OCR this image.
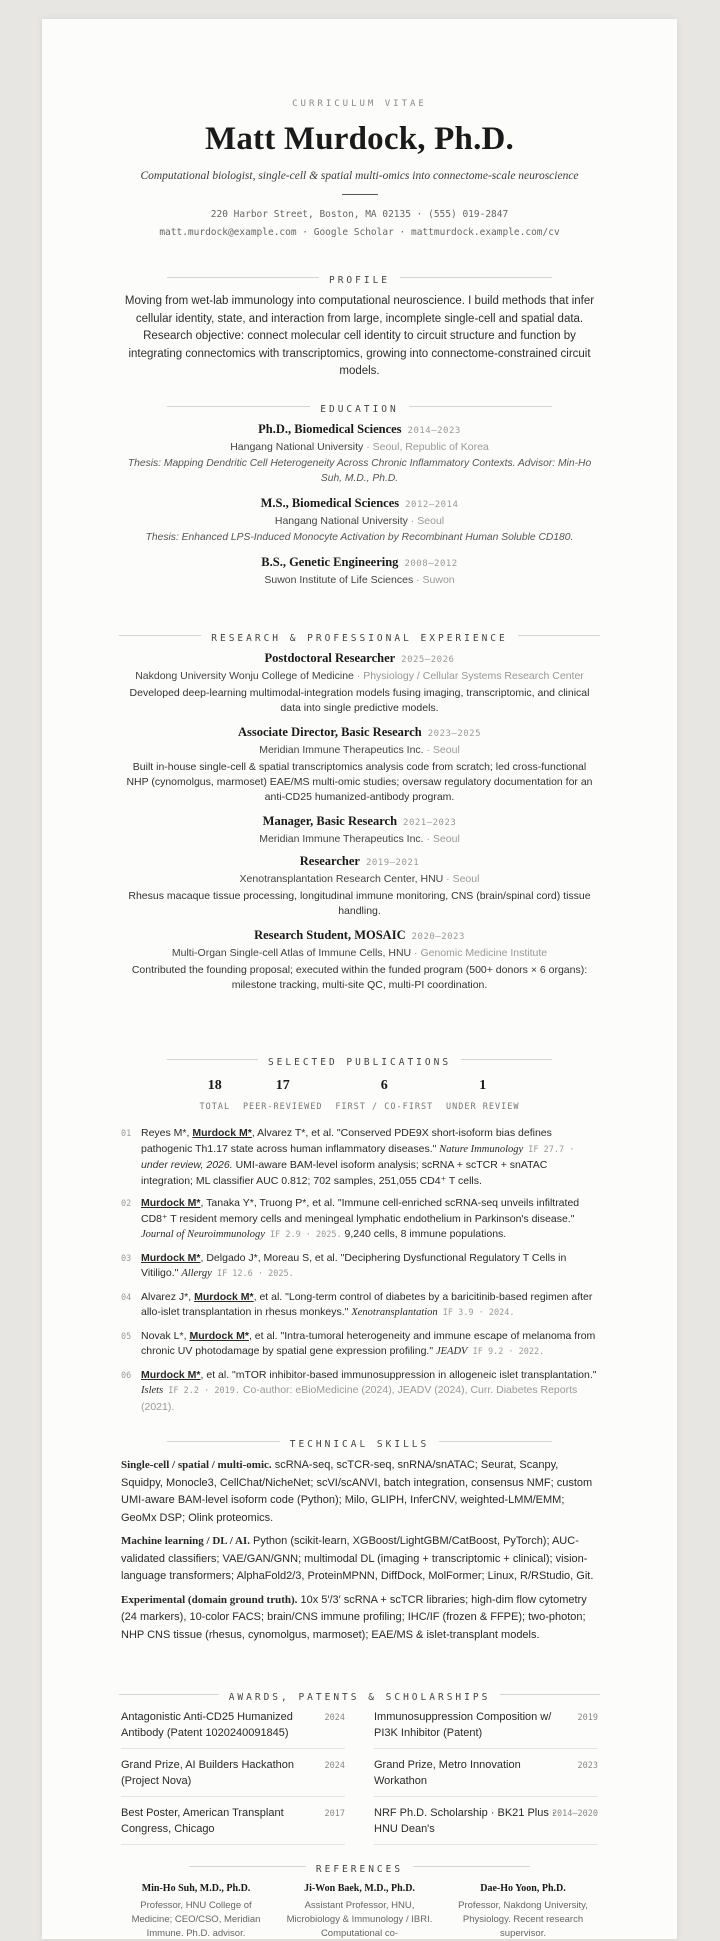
CURRICULUM VITAE
Matt Murdock, Ph.D.
Computational biologist, single-cell & spatial multi-omics into connectome-scale neuroscience
220 Harbor Street, Boston, MA 02135 · (555) 019-2847
matt.murdock@example.com · Google Scholar · mattmurdock.example.com/cv
PROFILE
Moving from wet-lab immunology into computational neuroscience. I build methods that infer cellular identity, state, and interaction from large, incomplete single-cell and spatial data. Research objective: connect molecular cell identity to circuit structure and function by integrating connectomics with transcriptomics, growing into connectome-constrained circuit models.
EDUCATION
Ph.D., Biomedical Sciences 2014–2023
Hangang National University · Seoul, Republic of Korea
Thesis: Mapping Dendritic Cell Heterogeneity Across Chronic Inflammatory Contexts. Advisor: Min-Ho Suh, M.D., Ph.D.
M.S., Biomedical Sciences 2012–2014
Hangang National University · Seoul
Thesis: Enhanced LPS-Induced Monocyte Activation by Recombinant Human Soluble CD180.
B.S., Genetic Engineering 2008–2012
Suwon Institute of Life Sciences · Suwon
RESEARCH & PROFESSIONAL EXPERIENCE
Postdoctoral Researcher 2025–2026
Nakdong University Wonju College of Medicine · Physiology / Cellular Systems Research Center
Developed deep-learning multimodal-integration models fusing imaging, transcriptomic, and clinical data into single predictive models.
Associate Director, Basic Research 2023–2025
Meridian Immune Therapeutics Inc. · Seoul
Built in-house single-cell & spatial transcriptomics analysis code from scratch; led cross-functional NHP (cynomolgus, marmoset) EAE/MS multi-omic studies; oversaw regulatory documentation for an anti-CD25 humanized-antibody program.
Manager, Basic Research 2021–2023
Meridian Immune Therapeutics Inc. · Seoul
Researcher 2019–2021
Xenotransplantation Research Center, HNU · Seoul
Rhesus macaque tissue processing, longitudinal immune monitoring, CNS (brain/spinal cord) tissue handling.
Research Student, MOSAIC 2020–2023
Multi-Organ Single-cell Atlas of Immune Cells, HNU · Genomic Medicine Institute
Contributed the founding proposal; executed within the funded program (500+ donors × 6 organs): milestone tracking, multi-site QC, multi-PI coordination.
SELECTED PUBLICATIONS
18
TOTAL
17
PEER-REVIEWED
6
FIRST / CO-FIRST
1
UNDER REVIEW
01 Reyes M*, Murdock M*, Alvarez T*, et al. "Conserved PDE9X short-isoform bias defines pathogenic Th1.17 state across human inflammatory diseases." Nature Immunology IF 27.7 · under review, 2026. UMI-aware BAM-level isoform analysis; scRNA + scTCR + snATAC integration; ML classifier AUC 0.812; 702 samples, 251,055 CD4⁺ T cells.
02 Murdock M*, Tanaka Y*, Truong P*, et al. "Immune cell-enriched scRNA-seq unveils infiltrated CD8⁺ T resident memory cells and meningeal lymphatic endothelium in Parkinson's disease." Journal of Neuroimmunology IF 2.9 · 2025. 9,240 cells, 8 immune populations.
03 Murdock M*, Delgado J*, Moreau S, et al. "Deciphering Dysfunctional Regulatory T Cells in Vitiligo." Allergy IF 12.6 · 2025.
04 Alvarez J*, Murdock M*, et al. "Long-term control of diabetes by a baricitinib-based regimen after allo-islet transplantation in rhesus monkeys." Xenotransplantation IF 3.9 · 2024.
05 Novak L*, Murdock M*, et al. "Intra-tumoral heterogeneity and immune escape of melanoma from chronic UV photodamage by spatial gene expression profiling." JEADV IF 9.2 · 2022.
06 Murdock M*, et al. "mTOR inhibitor-based immunosuppression in allogeneic islet transplantation." Islets IF 2.2 · 2019. Co-author: eBioMedicine (2024), JEADV (2024), Curr. Diabetes Reports (2021).
TECHNICAL SKILLS
Single-cell / spatial / multi-omic. scRNA-seq, scTCR-seq, snRNA/snATAC; Seurat, Scanpy, Squidpy, Monocle3, CellChat/NicheNet; scVI/scANVI, batch integration, consensus NMF; custom UMI-aware BAM-level isoform code (Python); Milo, GLIPH, InferCNV, weighted-LMM/EMM; GeoMx DSP; Olink proteomics.
Machine learning / DL / AI. Python (scikit-learn, XGBoost/LightGBM/CatBoost, PyTorch); AUC-validated classifiers; VAE/GAN/GNN; multimodal DL (imaging + transcriptomic + clinical); vision-language transformers; AlphaFold2/3, ProteinMPNN, DiffDock, MolFormer; Linux, R/RStudio, Git.
Experimental (domain ground truth). 10x 5′/3′ scRNA + scTCR libraries; high-dim flow cytometry (24 markers), 10-color FACS; brain/CNS immune profiling; IHC/IF (frozen & FFPE); two-photon; NHP CNS tissue (rhesus, cynomolgus, marmoset); EAE/MS & islet-transplant models.
AWARDS, PATENTS & SCHOLARSHIPS
Antagonistic Anti-CD25 Humanized Antibody (Patent 1020240091845)
2024
Grand Prize, AI Builders Hackathon (Project Nova)
2024
Best Poster, American Transplant Congress, Chicago
2017
Immunosuppression Composition w/ PI3K Inhibitor (Patent)
2019
Grand Prize, Metro Innovation Workathon
2023
NRF Ph.D. Scholarship · BK21 Plus · HNU Dean's
2014–2020
REFERENCES
Min-Ho Suh, M.D., Ph.D.
Professor, HNU College of Medicine; CEO/CSO, Meridian Immune. Ph.D. advisor.
Ji-Won Baek, M.D., Ph.D.
Assistant Professor, HNU, Microbiology & Immunology / IBRI. Computational co-
Dae-Ho Yoon, Ph.D.
Professor, Nakdong University, Physiology. Recent research supervisor.
